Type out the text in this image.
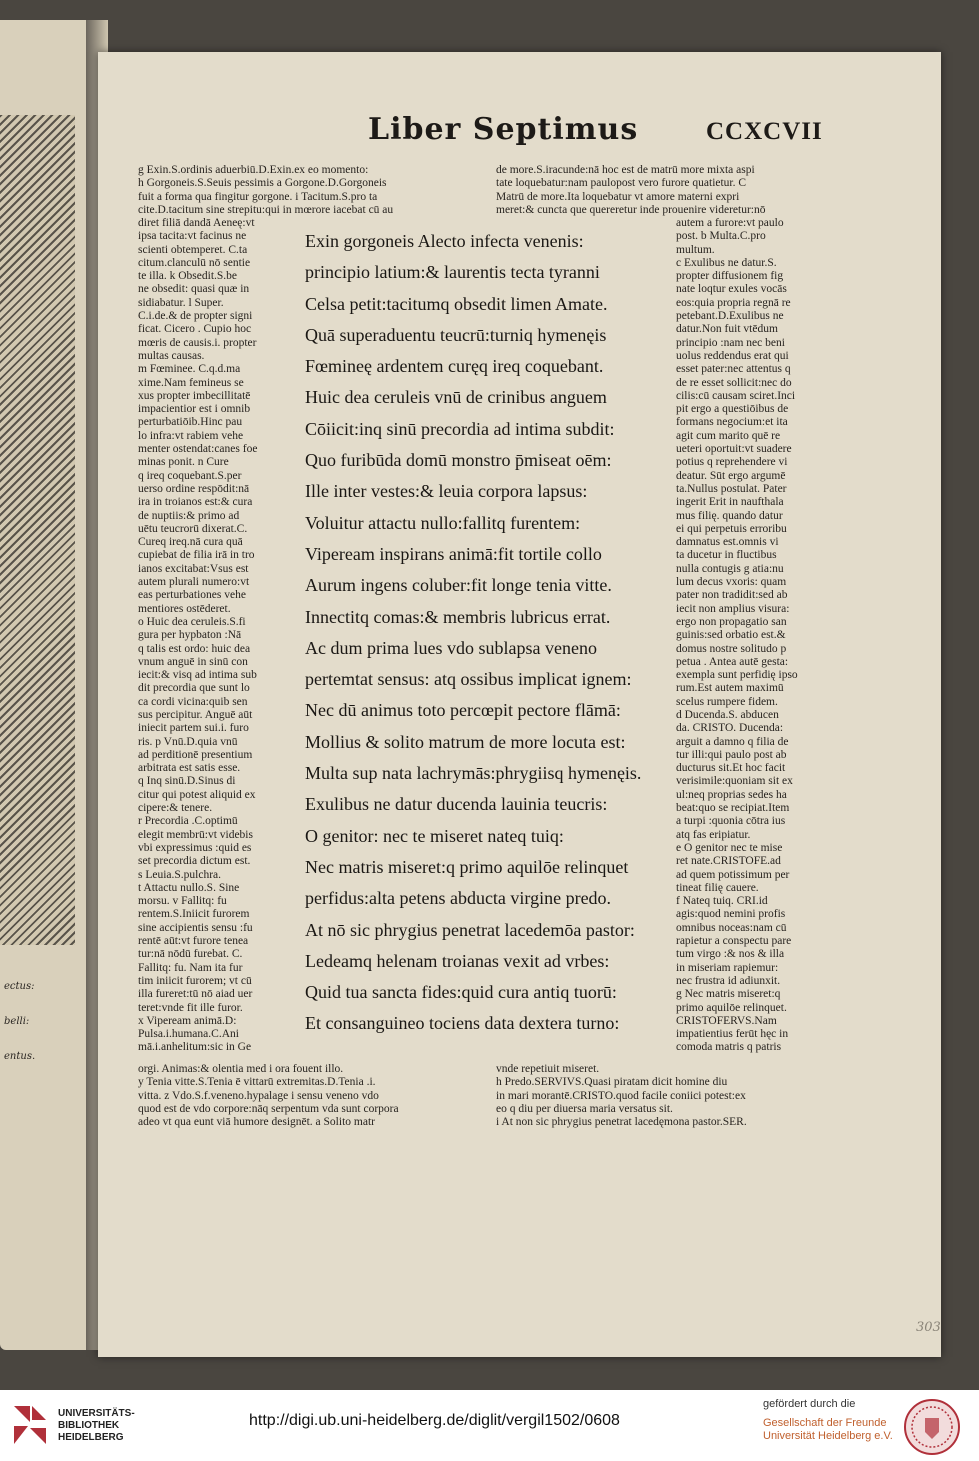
ectus:
belli:
entus.
Liber Septimus	CCXCVII
g Exin.S.ordinis aduerbiū.D.Exin.ex eo momento:
h Gorgoneis.S.Seuis pessimis a Gorgone.D.Gorgoneis
fuit a forma qua fingitur gorgone. i Tacitum.S.pro ta
cite.D.tacitum sine strepitu:qui in mœrore iacebat cū au
de more.S.iracunde:nā hoc est de matrū more mixta aspi
tate loquebatur:nam paulopost vero furore quatietur. C
Matrū de more.Ita loquebatur vt amore materni expri
meret:& cuncta que quereretur inde prouenire videretur:nō
diret filiā dandā Aeneę:vt
ipsa tacita:vt facinus ne
scienti obtemperet. C.ta
citum.clanculū nō sentie
te illa. k Obsedit.S.be
ne obsedit: quasi quæ in
sidiabatur. l Super.
C.i.de.& de propter signi
ficat. Cicero . Cupio hoc
mœris de causis.i. propter
multas causas.
m Fœminee. C.q.d.ma
xime.Nam femineus se
xus propter imbecillitatē
impacientior est i omnib
perturbatiōib.Hinc pau
lo infra:vt rabiem vehe
menter ostendat:canes foe
minas ponit. n Cure
q ireq coquebant.S.per
uerso ordine respōdit:nā
ira in troianos est:& cura
de nuptiis:& primo ad
uētu teucrorū dixerat.C.
Cureq ireq.nā cura quā
cupiebat de filia irā in tro
ianos excitabat:Vsus est
autem plurali numero:vt
eas perturbationes vehe
mentiores ostēderet.
o Huic dea ceruleis.S.fi
gura per hypbaton :Nā
q talis est ordo: huic dea
vnum anguē in sinū con
iecit:& visq ad intima sub
dit precordia que sunt lo
ca cordi vicina:quib sen
sus percipitur. Anguē aūt
iniecit partem sui.i. furo
ris. p Vnū.D.quia vnū
ad perditionē presentium
arbitrata est satis esse.
q Inq sinū.D.Sinus di
citur qui potest aliquid ex
cipere:& tenere.
r Precordia .C.optimū
elegit membrū:vt videbis
vbi expressimus :quid es
set precordia dictum est.
s Leuia.S.pulchra.
t Attactu nullo.S. Sine
morsu. v Fallitq: fu
rentem.S.Iniicit furorem
sine accipientis sensu :fu
rentē aūt:vt furore tenea
tur:nā nōdū furebat. C.
Fallitq: fu. Nam ita fur
tim iniicit furorem; vt cū
illa fureret:tū nō aiad uer
teret:vnde fit ille furor.
x Vipeream animā.D:
Pulsa.i.humana.C.Ani
mā.i.anhelitum:sic in Ge
autem a furore:vt paulo
post. b Multa.C.pro
multum.
c Exulibus ne datur.S.
propter diffusionem fig
nate loqtur exules vocās
eos:quia propria regnā re
petebant.D.Exulibus ne
datur.Non fuit vtēdum
principio :nam nec beni
uolus reddendus erat qui
esset pater:nec attentus q
de re esset sollicit:nec do
cilis:cū causam sciret.Inci
pit ergo a questiōibus de
formans negocium:et ita
agit cum marito quē re
ueteri oportuit:vt suadere
potius q reprehendere vi
deatur. Sūt ergo argumē
ta.Nullus postulat. Pater
ingerit Erit in naufthala
mus filię. quando datur
ei qui perpetuis erroribu
damnatus est.omnis vi
ta ducetur in fluctibus
nulla contugis g atia:nu
lum decus vxoris: quam
pater non tradidit:sed ab
iecit non amplius visura:
ergo non propagatio san
guinis:sed orbatio est.&
domus nostre solitudo p
petua . Antea autē gesta:
exempla sunt perfidię ipso
rum.Est autem maximū
scelus rumpere fidem.
d Ducenda.S. abducen
da. CRISTO. Ducenda:
arguit a damno q filia de
tur illi:qui paulo post ab
ducturus sit.Et hoc facit
verisimile:quoniam sit ex
ul:neq proprias sedes ha
beat:quo se recipiat.Item
a turpi :quonia cōtra ius
atq fas eripiatur.
e O genitor nec te mise
ret nate.CRISTOFE.ad
ad quem potissimum per
tineat filię cauere.
f Nateq tuiq. CRI.id
agis:quod nemini profis
omnibus noceas:nam cū
rapietur a conspectu pare
tum virgo :& nos & illa
in miseriam rapiemur:
nec frustra id adiunxit.
g Nec matris miseret:q
primo aquilōe relinquet.
CRISTOFERVS.Nam
impatientius ferūt hęc in
comoda matris q patris
Exin gorgoneis Alecto infecta venenis:
principio latium:& laurentis tecta tyranni
Celsa petit:tacitumq obsedit limen Amate.
Quā superaduentu teucrū:turniq hymenęis
Fœmineę ardentem curęq ireq coquebant.
Huic dea ceruleis vnū de crinibus anguem
Cōiicit:inq sinū precordia ad intima subdit:
Quo furibūda domū monstro p̄miseat oēm:
Ille inter vestes:& leuia corpora lapsus:
Voluitur attactu nullo:fallitq furentem:
Vipeream inspirans animā:fit tortile collo
Aurum ingens coluber:fit longe tenia vitte.
Innectitq comas:& membris lubricus errat.
Ac dum prima lues vdo sublapsa veneno
pertemtat sensus: atq ossibus implicat ignem:
Nec dū animus toto percœpit pectore flāmā:
Mollius & solito matrum de more locuta est:
Multa sup nata lachrymās:phrygiisq hymenęis.
Exulibus ne datur ducenda lauinia teucris:
O genitor: nec te miseret nateq tuiq:
Nec matris miseret:q primo aquilōe relinquet
perfidus:alta petens abducta virgine predo.
At nō sic phrygius penetrat lacedemōa pastor:
Ledeamq helenam troianas vexit ad vrbes:
Quid tua sancta fides:quid cura antiq tuorū:
Et consanguineo tociens data dextera turno:
orgi. Animas:& olentia med i ora fouent illo.
y Tenia vitte.S.Tenia ē vittarū extremitas.D.Tenia .i.
vitta. z Vdo.S.f.veneno.hypalage i sensu veneno vdo
quod est de vdo corpore:nāq serpentum vda sunt corpora
adeo vt qua eunt viā humore designēt. a Solito matr
vnde repetiuit miseret.
h Predo.SERVIVS.Quasi piratam dicit homine diu
in mari morantē.CRISTO.quod facile coniici potest:ex
eo q diu per diuersa maria versatus sit.
i At non sic phrygius penetrat lacedęmona pastor.SER.
303
UNIVERSITÄTS-
BIBLIOTHEK
HEIDELBERG
http://digi.ub.uni-heidelberg.de/diglit/vergil1502/0608
gefördert durch die
Gesellschaft der Freunde
Universität Heidelberg e.V.
